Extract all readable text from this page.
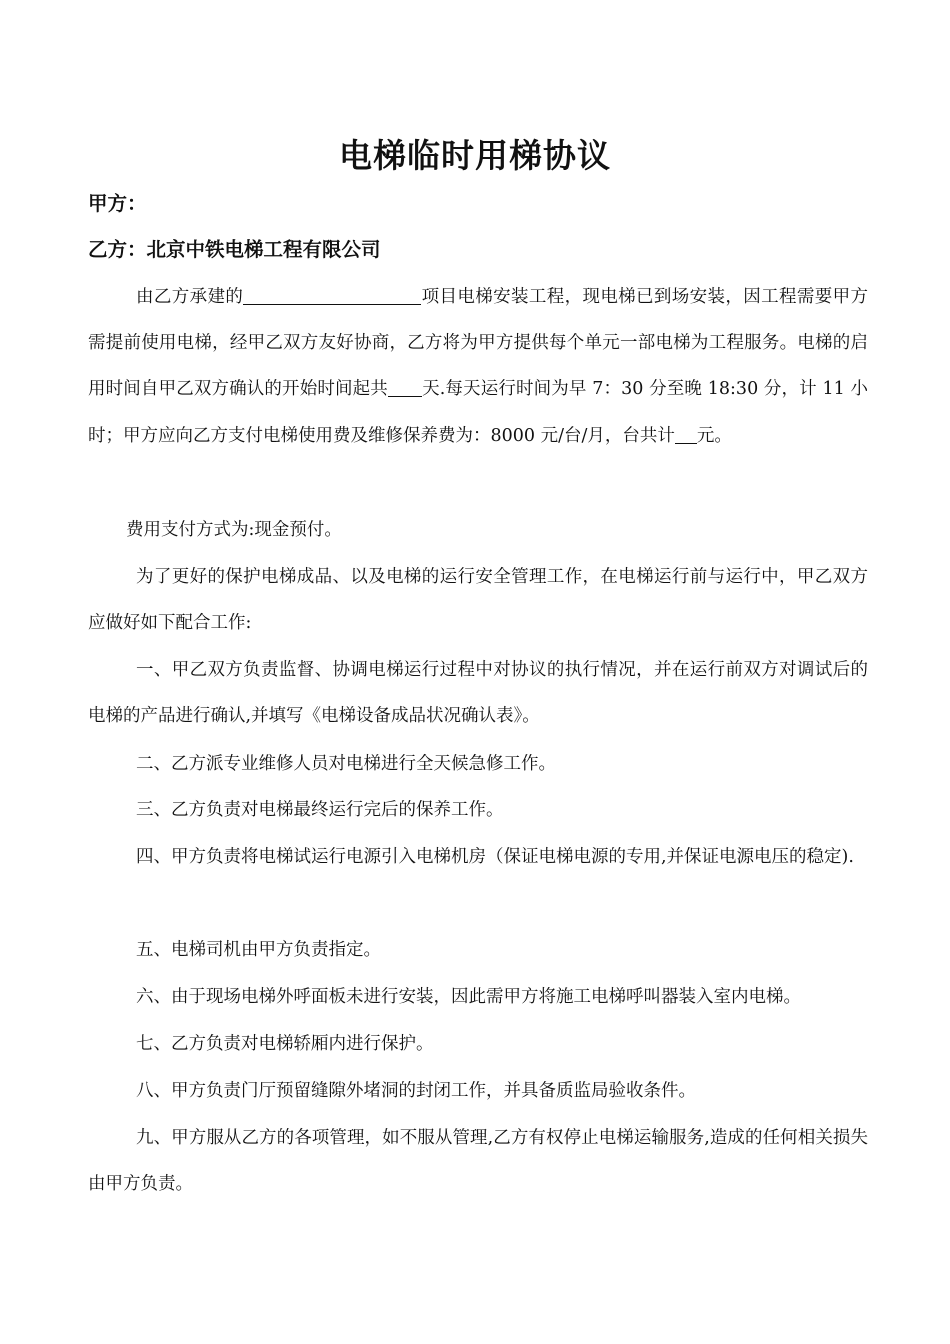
电梯临时用梯协议
甲方：
乙方：北京中铁电梯工程有限公司
由乙方承建的	项目电梯安装工程，现电梯已到场安装，因工程需要甲方需提前使用电梯，经甲乙双方友好协商，乙方将为甲方提供每个单元一部电梯为工程服务。电梯的启用时间自甲乙双方确认的开始时间起共 天.每天运行时间为早 7：30 分至晚 18:30 分，计 11 小时；甲方应向乙方支付电梯使用费及维修保养费为：8000 元/台/月，台共计 元。
费用支付方式为:现金预付。
为了更好的保护电梯成品、以及电梯的运行安全管理工作，在电梯运行前与运行中，甲乙双方应做好如下配合工作:
一、甲乙双方负责监督、协调电梯运行过程中对协议的执行情况，并在运行前双方对调试后的电梯的产品进行确认,并填写《电梯设备成品状况确认表》。
二、乙方派专业维修人员对电梯进行全天候急修工作。
三、乙方负责对电梯最终运行完后的保养工作。
四、甲方负责将电梯试运行电源引入电梯机房（保证电梯电源的专用,并保证电源电压的稳定).
五、电梯司机由甲方负责指定。
六、由于现场电梯外呼面板未进行安装，因此需甲方将施工电梯呼叫器装入室内电梯。
七、乙方负责对电梯轿厢内进行保护。
八、甲方负责门厅预留缝隙外堵洞的封闭工作，并具备质监局验收条件。
九、甲方服从乙方的各项管理，如不服从管理,乙方有权停止电梯运输服务,造成的任何相关损失由甲方负责。
